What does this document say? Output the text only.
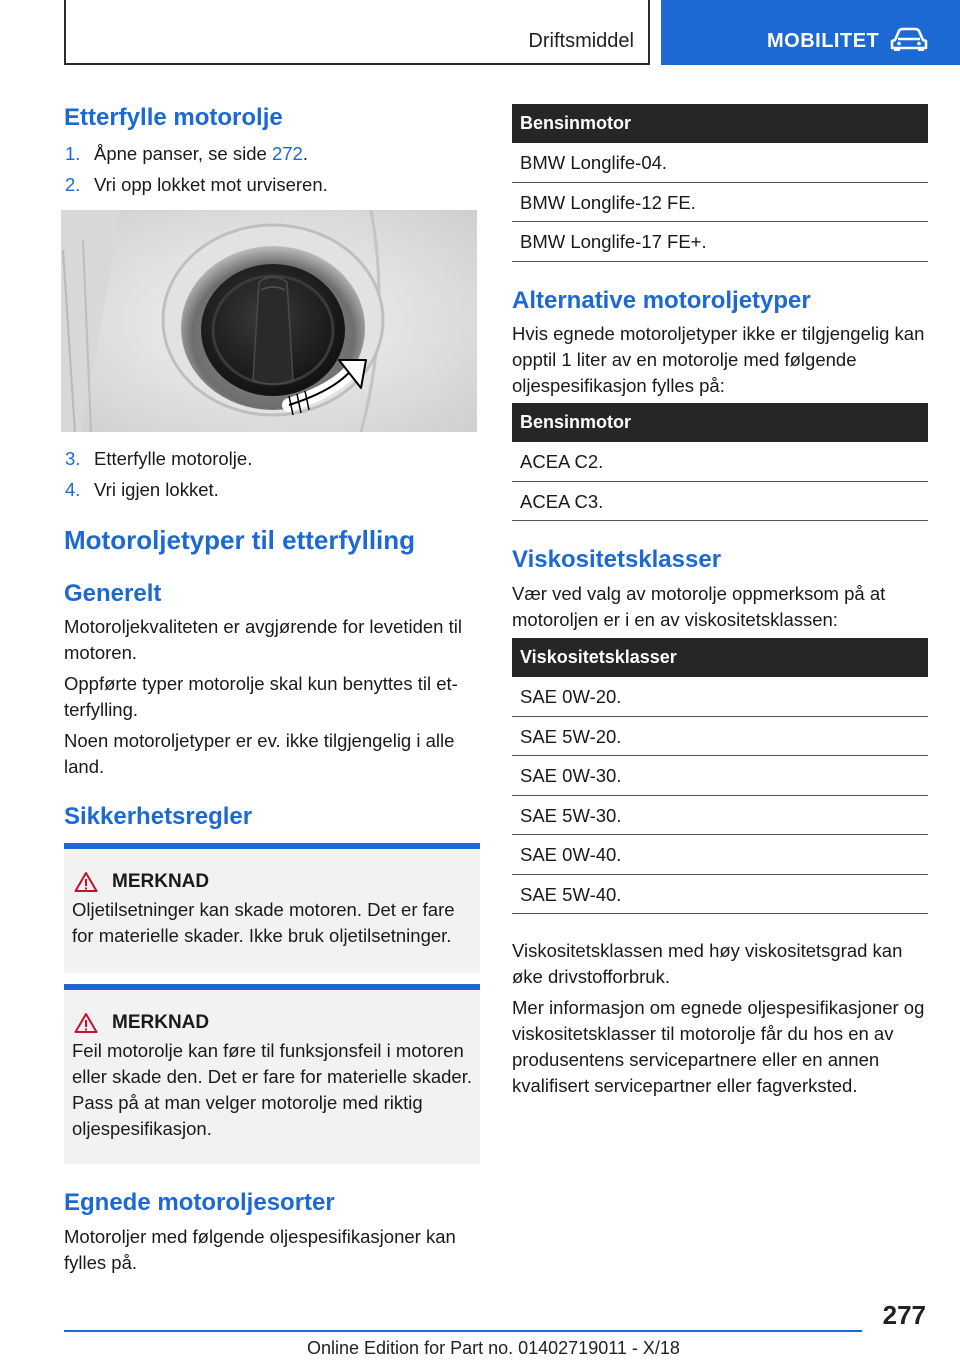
Driftsmiddel	MOBILITET
Etterfylle motorolje
1. Åpne panser, se side 272.
2. Vri opp lokket mot urviseren.
3. Etterfylle motorolje.
4. Vri igjen lokket.
Motoroljetyper til etterfylling
Generelt
Motoroljekvaliteten er avgjørende for levetiden til motoren.
Oppførte typer motorolje skal kun benyttes til etterfylling.
Noen motoroljetyper er ev. ikke tilgjengelig i alle land.
Sikkerhetsregler
MERKNAD
Oljetilsetninger kan skade motoren. Det er fare for materielle skader. Ikke bruk oljetilsetninger.
MERKNAD
Feil motorolje kan føre til funksjonsfeil i motoren eller skade den. Det er fare for materielle skader. Pass på at man velger motorolje med riktig oljespesifikasjon.
Egnede motoroljesorter
Motoroljer med følgende oljespesifikasjoner kan fylles på.
Bensinmotor
BMW Longlife-04.
BMW Longlife-12 FE.
BMW Longlife-17 FE+.
Alternative motoroljetyper
Hvis egnede motoroljetyper ikke er tilgjengelig kan opptil 1 liter av en motorolje med følgende oljespesifikasjon fylles på:
Bensinmotor
ACEA C2.
ACEA C3.
Viskositetsklasser
Vær ved valg av motorolje oppmerksom på at motoroljen er i en av viskositetsklassen:
Viskositetsklasser
SAE 0W-20.
SAE 5W-20.
SAE 0W-30.
SAE 5W-30.
SAE 0W-40.
SAE 5W-40.
Viskositetsklassen med høy viskositetsgrad kan øke drivstofforbruk.
Mer informasjon om egnede oljespesifikasjoner og viskositetsklasser til motorolje får du hos en av produsentens servicepartnere eller en annen kvalifisert servicepartner eller fagverksted.
277
Online Edition for Part no. 01402719011 - X/18
